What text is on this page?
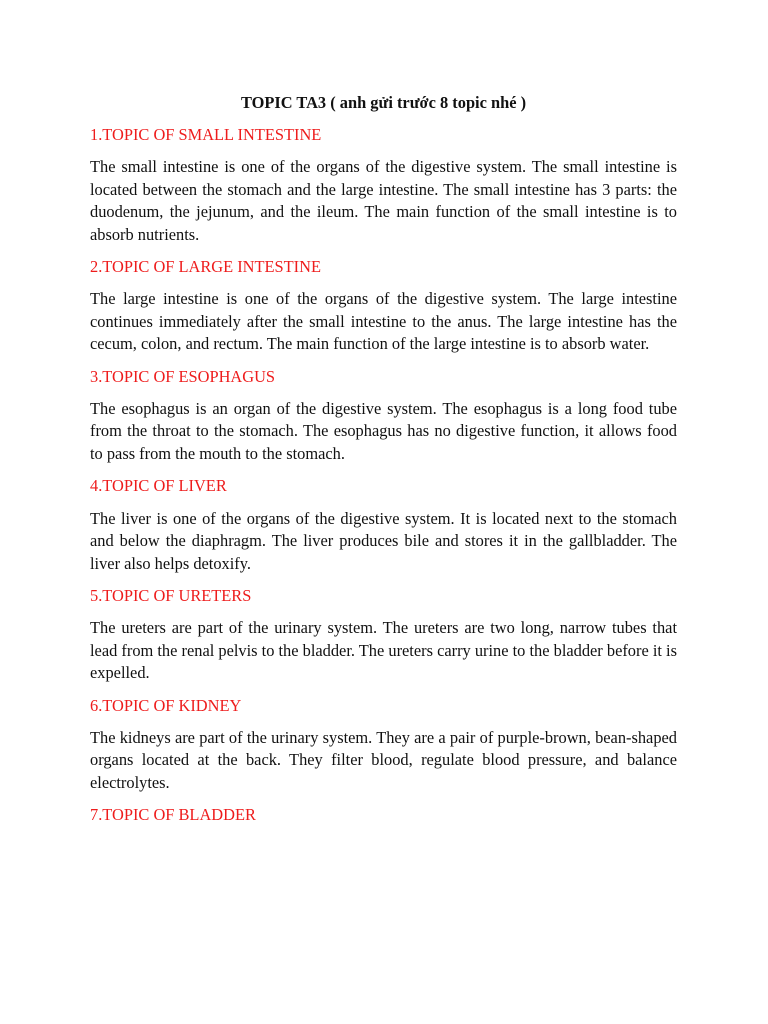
TOPIC TA3 ( anh gửi trước 8 topic nhé )
1.TOPIC OF SMALL INTESTINE
The small intestine is one of the organs of the digestive system. The small intestine is located between the stomach and the large intestine. The small intestine has 3 parts: the duodenum, the jejunum, and the ileum. The main function of the small intestine is to absorb nutrients.
2.TOPIC OF LARGE INTESTINE
The large intestine is one of the organs of the digestive system. The large intestine continues immediately after the small intestine to the anus. The large intestine has the cecum, colon, and rectum. The main function of the large intestine is to absorb water.
3.TOPIC OF ESOPHAGUS
The esophagus is an organ of the digestive system. The esophagus is a long food tube from the throat to the stomach. The esophagus has no digestive function, it allows food to pass from the mouth to the stomach.
4.TOPIC OF LIVER
The liver is one of the organs of the digestive system. It is located next to the stomach and below the diaphragm. The liver produces bile and stores it in the gallbladder. The liver also helps detoxify.
5.TOPIC OF URETERS
The ureters are part of the urinary system. The ureters are two long, narrow tubes that lead from the renal pelvis to the bladder. The ureters carry urine to the bladder before it is expelled.
6.TOPIC OF KIDNEY
The kidneys are part of the urinary system. They are a pair of purple-brown, bean-shaped organs located at the back. They filter blood, regulate blood pressure, and balance electrolytes.
7.TOPIC OF BLADDER
